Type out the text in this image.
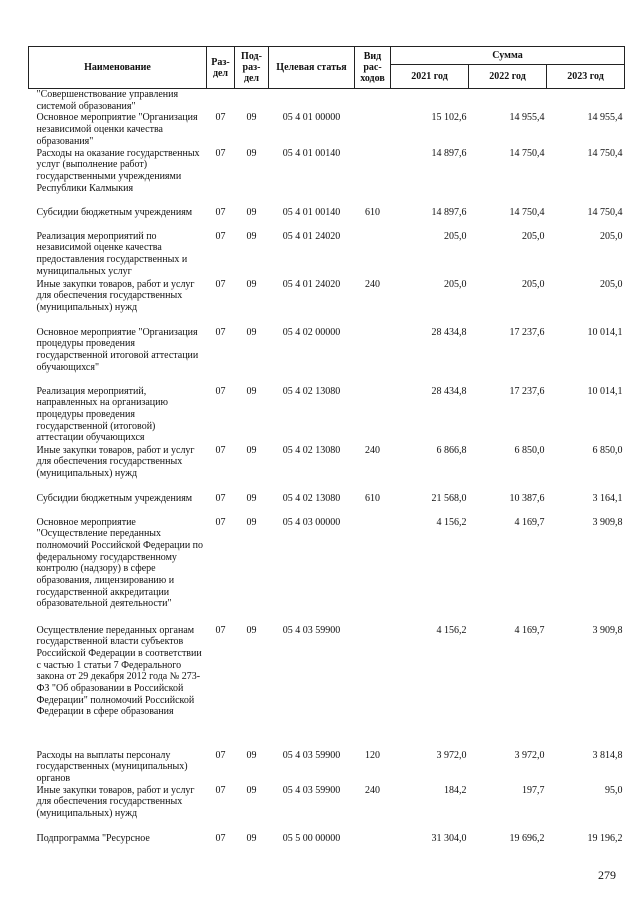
Наименование	Раз-дел	Под-раз-дел	Целевая статья	Вид рас-ходов	Сумма		
					2021 год	2022 год	2023 год
"Совершенствование управления системой образования"							
Основное мероприятие "Организация независимой оценки качества образования"	07	09	05 4 01 00000		15 102,6	14 955,4	14 955,4
Расходы на оказание государственных услуг (выполнение работ) государственными учреждениями Республики Калмыкия	07	09	05 4 01 00140		14 897,6	14 750,4	14 750,4
Субсидии бюджетным учреждениям	07	09	05 4 01 00140	610	14 897,6	14 750,4	14 750,4
Реализация мероприятий по независимой оценке качества предоставления государственных и муниципальных услуг	07	09	05 4 01 24020		205,0	205,0	205,0
Иные закупки товаров, работ и услуг для обеспечения государственных (муниципальных) нужд	07	09	05 4 01 24020	240	205,0	205,0	205,0
Основное мероприятие "Организация процедуры проведения государственной итоговой аттестации обучающихся"	07	09	05 4 02 00000		28 434,8	17 237,6	10 014,1
Реализация мероприятий, направленных на организацию процедуры проведения государственной (итоговой) аттестации обучающихся	07	09	05 4 02 13080		28 434,8	17 237,6	10 014,1
Иные закупки товаров, работ и услуг для обеспечения государственных (муниципальных) нужд	07	09	05 4 02 13080	240	6 866,8	6 850,0	6 850,0
Субсидии бюджетным учреждениям	07	09	05 4 02 13080	610	21 568,0	10 387,6	3 164,1
Основное мероприятие "Осуществление переданных полномочий Российской Федерации по федеральному государственному контролю (надзору) в сфере образования, лицензированию и государственной аккредитации образовательной деятельности"	07	09	05 4 03 00000		4 156,2	4 169,7	3 909,8
Осуществление переданных органам государственной власти субъектов Российской Федерации в соответствии с частью 1 статьи 7 Федерального закона от 29 декабря 2012 года № 273-ФЗ "Об образовании в Российской Федерации" полномочий Российской Федерации в сфере образования	07	09	05 4 03 59900		4 156,2	4 169,7	3 909,8
Расходы на выплаты персоналу государственных (муниципальных) органов	07	09	05 4 03 59900	120	3 972,0	3 972,0	3 814,8
Иные закупки товаров, работ и услуг для обеспечения государственных (муниципальных) нужд	07	09	05 4 03 59900	240	184,2	197,7	95,0
Подпрограмма "Ресурсное	07	09	05 5 00 00000		31 304,0	19 696,2	19 196,2
279
